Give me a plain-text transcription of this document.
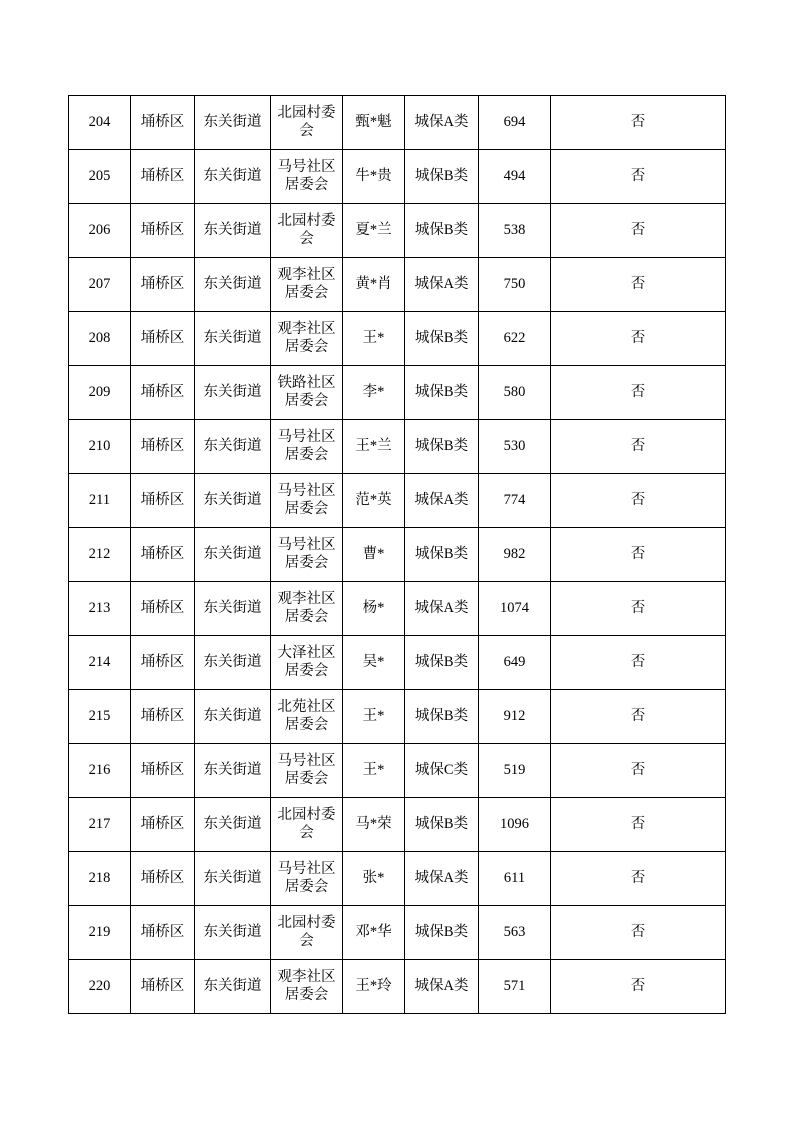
204	埇桥区	东关街道	北园村委会	甄*魁	城保A类	694	否
205	埇桥区	东关街道	马号社区居委会	牛*贵	城保B类	494	否
206	埇桥区	东关街道	北园村委会	夏*兰	城保B类	538	否
207	埇桥区	东关街道	观李社区居委会	黄*肖	城保A类	750	否
208	埇桥区	东关街道	观李社区居委会	王*	城保B类	622	否
209	埇桥区	东关街道	铁路社区居委会	李*	城保B类	580	否
210	埇桥区	东关街道	马号社区居委会	王*兰	城保B类	530	否
211	埇桥区	东关街道	马号社区居委会	范*英	城保A类	774	否
212	埇桥区	东关街道	马号社区居委会	曹*	城保B类	982	否
213	埇桥区	东关街道	观李社区居委会	杨*	城保A类	1074	否
214	埇桥区	东关街道	大泽社区居委会	吴*	城保B类	649	否
215	埇桥区	东关街道	北苑社区居委会	王*	城保B类	912	否
216	埇桥区	东关街道	马号社区居委会	王*	城保C类	519	否
217	埇桥区	东关街道	北园村委会	马*荣	城保B类	1096	否
218	埇桥区	东关街道	马号社区居委会	张*	城保A类	611	否
219	埇桥区	东关街道	北园村委会	邓*华	城保B类	563	否
220	埇桥区	东关街道	观李社区居委会	王*玲	城保A类	571	否
